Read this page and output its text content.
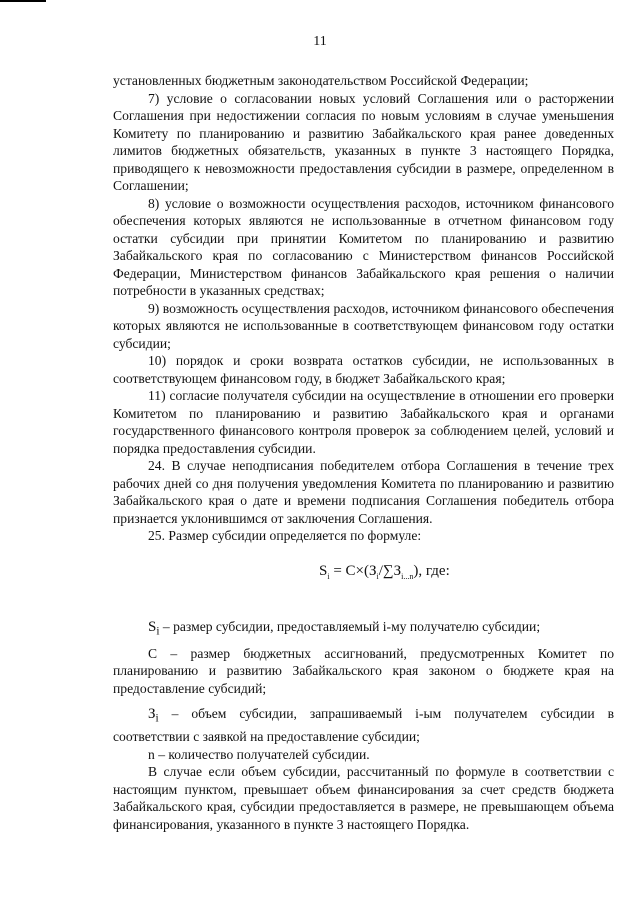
11

установленных бюджетным законодательством Российской Федерации;

7) условие о согласовании новых условий Соглашения или о расторжении Соглашения при недостижении согласия по новым условиям в случае уменьшения Комитету по планированию и развитию Забайкальского края ранее доведенных лимитов бюджетных обязательств, указанных в пункте 3 настоящего Порядка, приводящего к невозможности предоставления субсидии в размере, определенном в Соглашении;

8) условие о возможности осуществления расходов, источником финансового обеспечения которых являются не использованные в отчетном финансовом году остатки субсидии при принятии Комитетом по планированию и развитию Забайкальского края по согласованию с Министерством финансов Российской Федерации, Министерством финансов Забайкальского края решения о наличии потребности в указанных средствах;

9) возможность осуществления расходов, источником финансового обеспечения которых являются не использованные в соответствующем финансовом году остатки субсидии;

10) порядок и сроки возврата остатков субсидии, не использованных в соответствующем финансовом году, в бюджет Забайкальского края;

11) согласие получателя субсидии на осуществление в отношении его проверки Комитетом по планированию и развитию Забайкальского края и органами государственного финансового контроля проверок за соблюдением целей, условий и порядка предоставления субсидии.

24. В случае неподписания победителем отбора Соглашения в течение трех рабочих дней со дня получения уведомления Комитета по планированию и развитию Забайкальского края о дате и времени подписания Соглашения победитель отбора признается уклонившимся от заключения Соглашения.

25. Размер субсидии определяется по формуле:

$S_i = C\times(З_i/\sum З_{i...n})$, где:

$S_i$ – размер субсидии, предоставляемый i-му получателю субсидии;

С – размер бюджетных ассигнований, предусмотренных Комитет по планированию и развитию Забайкальского края законом о бюджете края на предоставление субсидий;

$З_i$ – объем субсидии, запрашиваемый i-ым получателем субсидии в соответствии с заявкой на предоставление субсидии;

n – количество получателей субсидии.

В случае если объем субсидии, рассчитанный по формуле в соответствии с настоящим пунктом, превышает объем финансирования за счет средств бюджета Забайкальского края, субсидии предоставляется в размере, не превышающем объема финансирования, указанного в пункте 3 настоящего Порядка.
